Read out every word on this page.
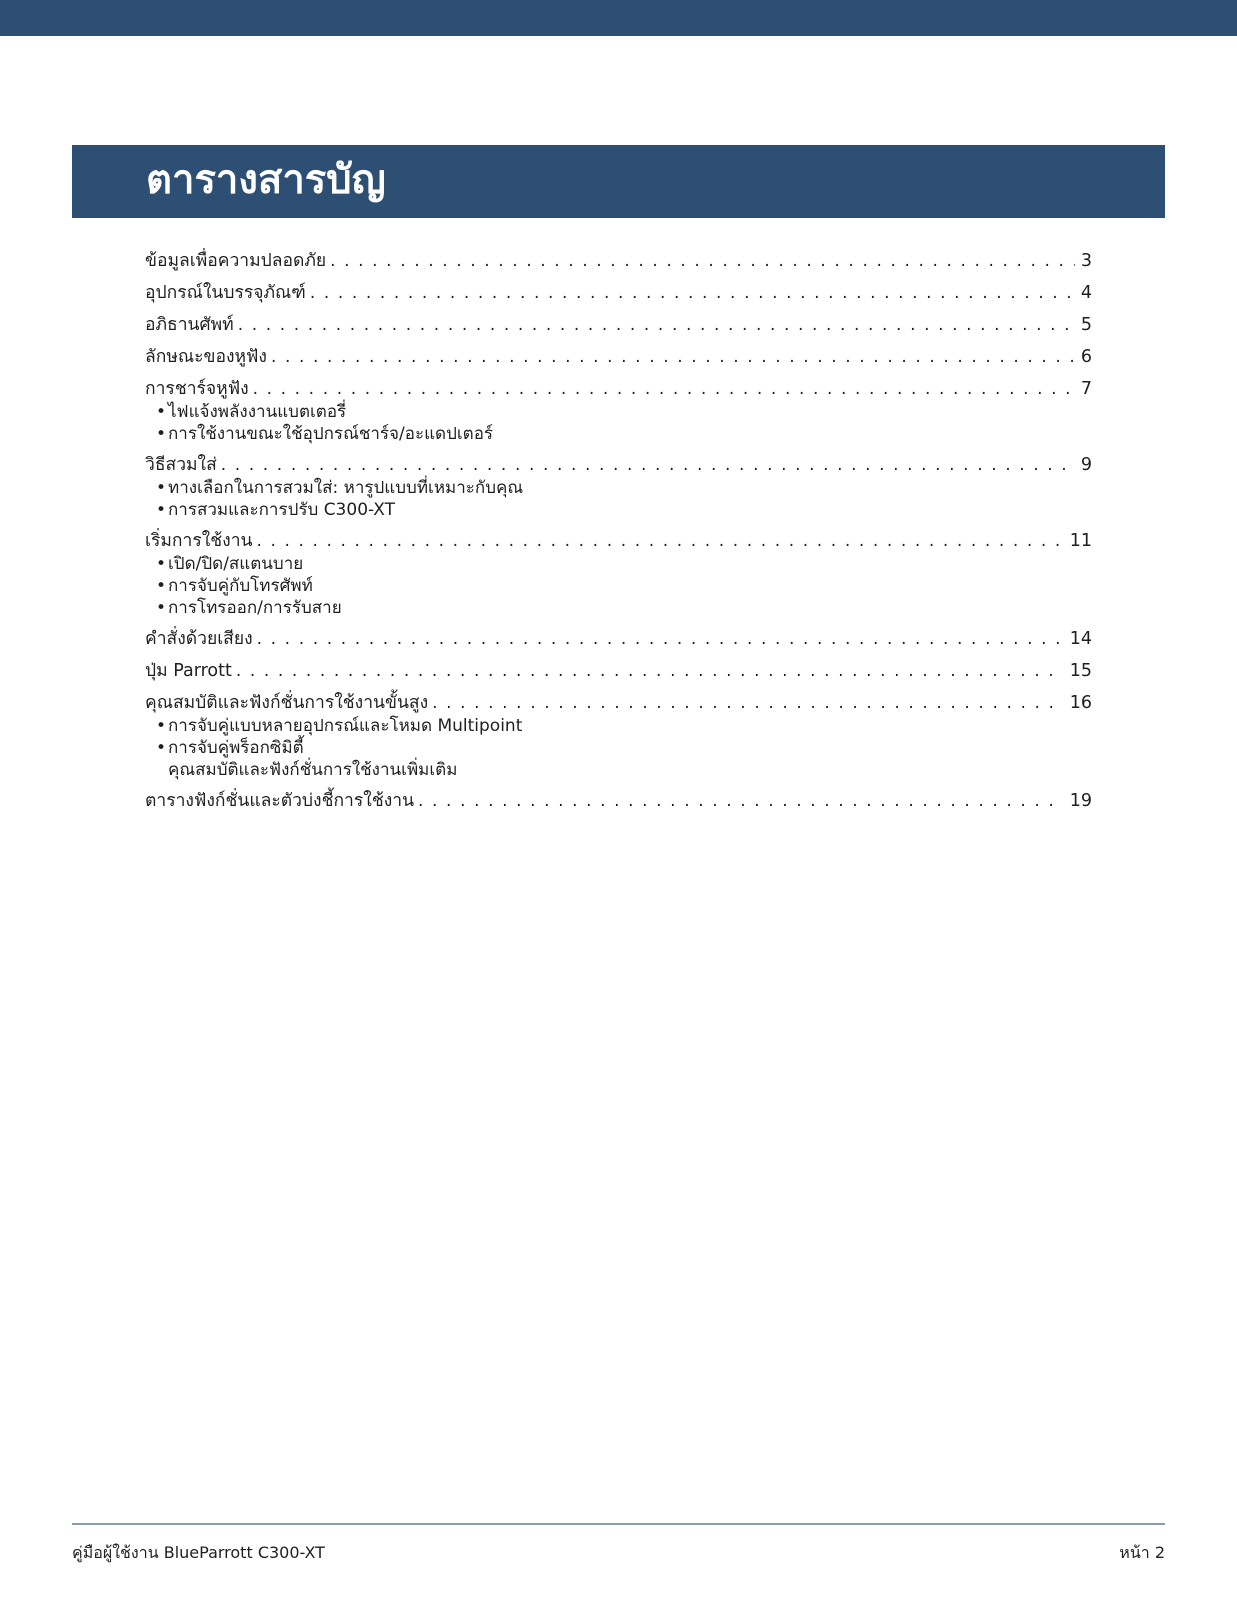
ตารางสารบัญ
ข้อมูลเพื่อความปลอดภัย . . .	3
อุปกรณ์ในบรรจุภัณฑ์ . . .	4
อภิธานศัพท์ . . .	5
ลักษณะของหูฟัง . . .	6
การชาร์จหูฟัง . . .	7
• ไฟแจ้งพลังงานแบตเตอรี่
• การใช้งานขณะใช้อุปกรณ์ชาร์จ/อะแดปเตอร์
วิธีสวมใส่ . . .	9
• ทางเลือกในการสวมใส่: หารูปแบบที่เหมาะกับคุณ
• การสวมและการปรับ C300-XT
เริ่มการใช้งาน . . .	11
• เปิด/ปิด/สแตนบาย
• การจับคู่กับโทรศัพท์
• การโทรออก/การรับสาย
คำสั่งด้วยเสียง . . .	14
ปุ่ม Parrott . . .	15
คุณสมบัติและฟังก์ชั่นการใช้งานขั้นสูง . . .	16
• การจับคู่แบบหลายอุปกรณ์และโหมด Multipoint
• การจับคู่พร็อกซิมิตี้
คุณสมบัติและฟังก์ชั่นการใช้งานเพิ่มเติม
ตารางฟังก์ชั่นและตัวบ่งชี้การใช้งาน . . .	19
คู่มือผู้ใช้งาน BlueParrott C300-XT	หน้า 2
